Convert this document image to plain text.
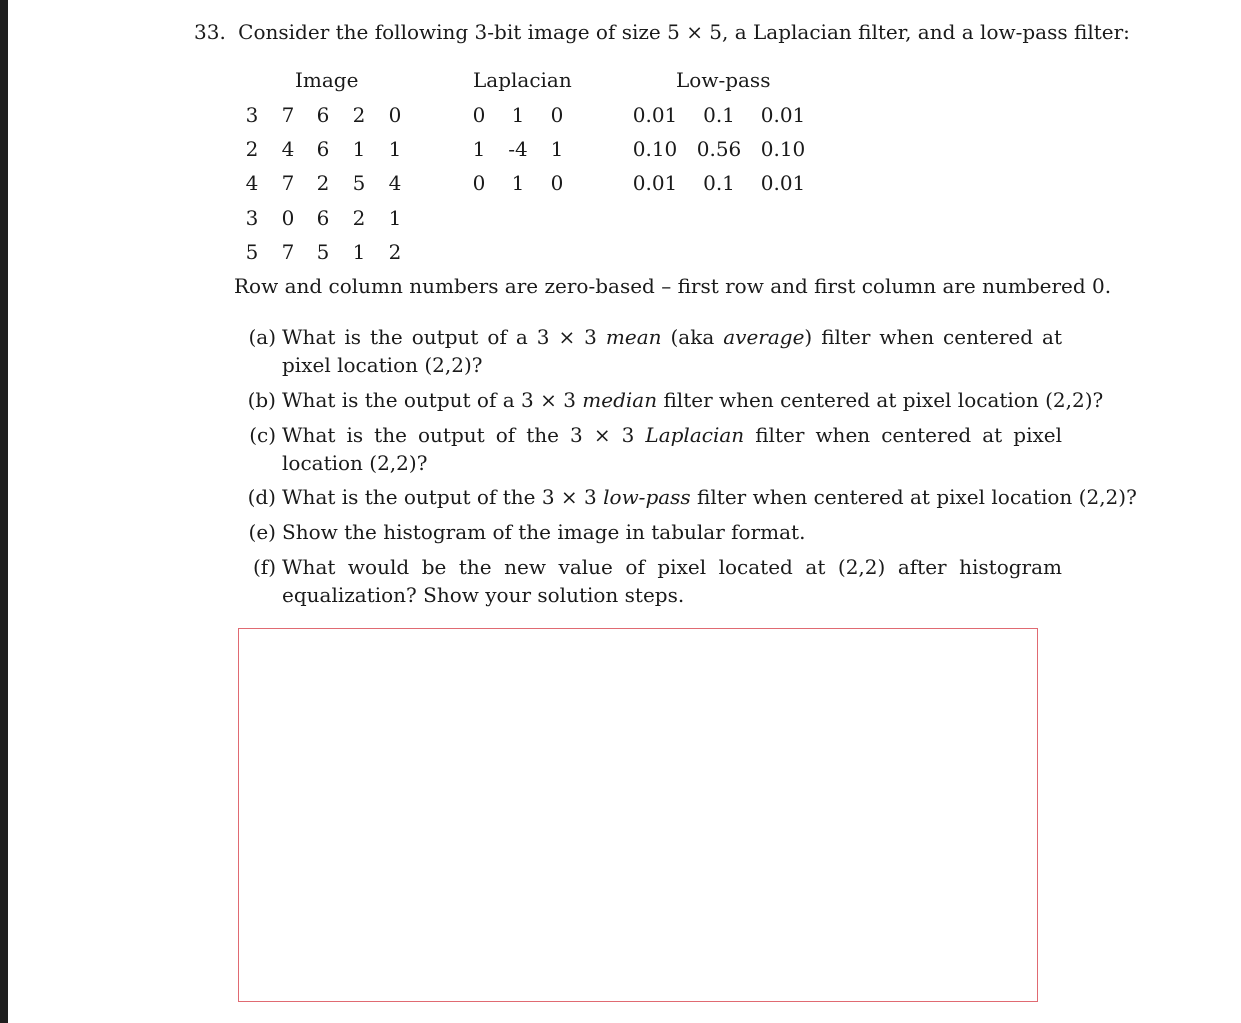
33. Consider the following 3-bit image of size 5 × 5, a Laplacian filter, and a low-pass filter:
Image	Laplacian	Low-pass
3	7	6	2	0
2	4	6	1	1
4	7	2	5	4
3	0	6	2	1
5	7	5	1	2
0	1	0
1	-4	1
0	1	0
0.01	0.1	0.01
0.10 0.56 0.10
0.01	0.1	0.01
Row and column numbers are zero-based – first row and first column are numbered 0.
(a) What is the output of a 3 × 3 mean (aka average) filter when centered at pixel location (2,2)?
(b) What is the output of a 3 × 3 median filter when centered at pixel location (2,2)?
(c) What is the output of the 3 × 3 Laplacian filter when centered at pixel location (2,2)?
(d) What is the output of the 3 × 3 low-pass filter when centered at pixel location (2,2)?
(e) Show the histogram of the image in tabular format.
(f) What would be the new value of pixel located at (2,2) after histogram equalization? Show your solution steps.
